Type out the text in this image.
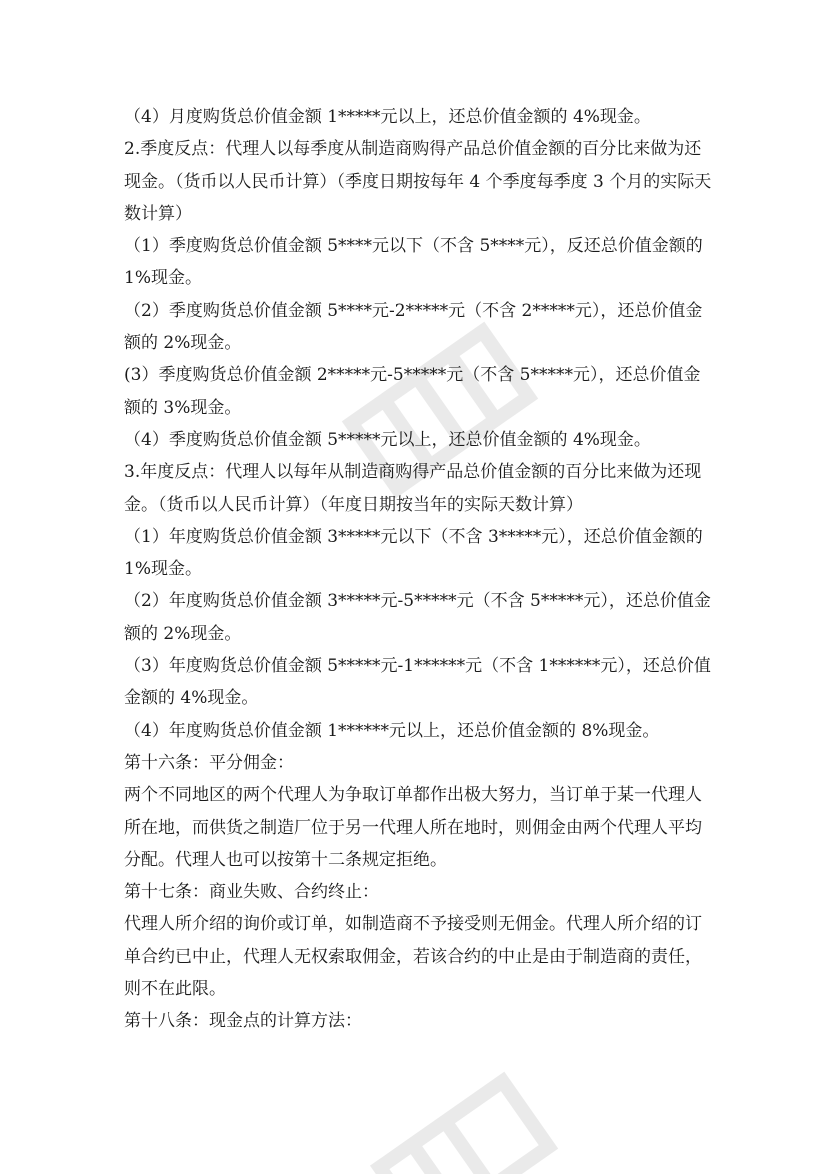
（4）月度购货总价值金额 1*****元以上，还总价值金额的 4%现金。

2.季度反点：代理人以每季度从制造商购得产品总价值金额的百分比来做为还现金。（货币以人民币计算）（季度日期按每年 4 个季度每季度 3 个月的实际天数计算）

（1）季度购货总价值金额 5****元以下（不含 5****元），反还总价值金额的 1%现金。

（2）季度购货总价值金额 5****元-2*****元（不含 2*****元），还总价值金额的 2%现金。

(3）季度购货总价值金额 2*****元-5*****元（不含 5*****元），还总价值金额的 3%现金。

（4）季度购货总价值金额 5*****元以上，还总价值金额的 4%现金。

3.年度反点：代理人以每年从制造商购得产品总价值金额的百分比来做为还现金。（货币以人民币计算）（年度日期按当年的实际天数计算）

（1）年度购货总价值金额 3*****元以下（不含 3*****元），还总价值金额的 1%现金。

（2）年度购货总价值金额 3*****元-5*****元（不含 5*****元），还总价值金额的 2%现金。

（3）年度购货总价值金额 5*****元-1******元（不含 1******元），还总价值金额的 4%现金。

（4）年度购货总价值金额 1******元以上，还总价值金额的 8%现金。

第十六条：平分佣金：

两个不同地区的两个代理人为争取订单都作出极大努力，当订单于某一代理人所在地，而供货之制造厂位于另一代理人所在地时，则佣金由两个代理人平均分配。代理人也可以按第十二条规定拒绝。

第十七条：商业失败、合约终止：

代理人所介绍的询价或订单，如制造商不予接受则无佣金。代理人所介绍的订单合约已中止，代理人无权索取佣金，若该合约的中止是由于制造商的责任，则不在此限。

第十八条：现金点的计算方法：
